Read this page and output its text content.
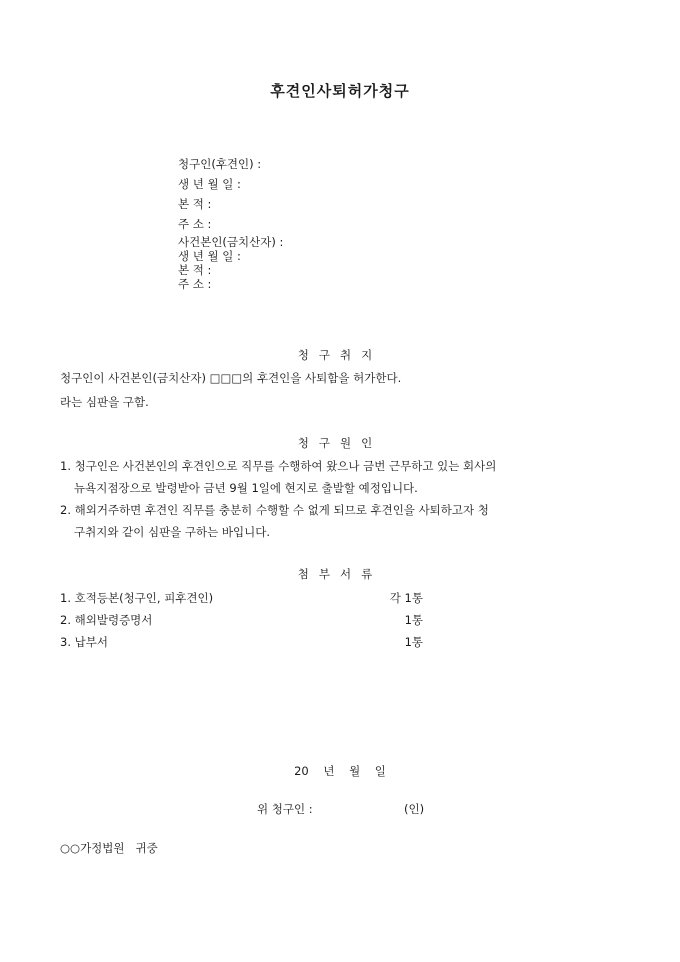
후견인사퇴허가청구
청구인(후견인) :
생 년 월 일 :
본 적 :
주 소 :
사건본인(금치산자) :
생 년 월 일 :
본 적 :
주 소 :
청구취지
청구인이 사건본인(금치산자) □□□의 후견인을 사퇴함을 허가한다.
라는 심판을 구함.
청구원인
1. 청구인은 사건본인의 후견인으로 직무를 수행하여 왔으나 금번 근무하고 있는 회사의
뉴욕지점장으로 발령받아 금년 9월 1일에 현지로 출발할 예정입니다.
2. 해외거주하면 후견인 직무를 충분히 수행할 수 없게 되므로 후견인을 사퇴하고자 청
구취지와 같이 심판을 구하는 바입니다.
첨부서류
1. 호적등본(청구인, 피후견인)	각 1통
2. 해외발령증명서	1통
3. 납부서	1통
20    년    월    일
위 청구인 :	(인)
○○가정법원   귀중
